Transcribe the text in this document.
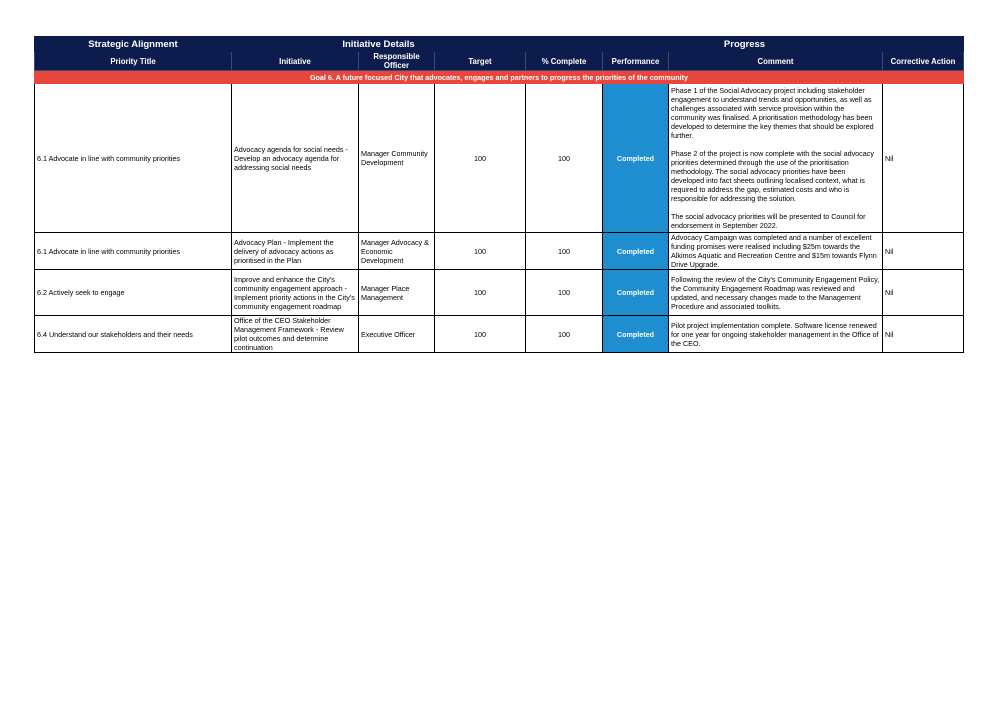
Strategic Alignment	Initiative Details			Progress			
Priority Title	Initiative	Responsible Officer	Target	% Complete	Performance	Comment	Corrective Action
Goal 6. A future focused City that advocates, engages and partners to progress the priorities of the community							
6.1 Advocate in line with community priorities	Advocacy agenda for social needs - Develop an advocacy agenda for addressing social needs	Manager Community Development	100	100	Completed	Phase 1 of the Social Advocacy project including stakeholder engagement to understand trends and opportunities, as well as challenges associated with service provision within the community was finalised. A prioritisation methodology has been developed to determine the key themes that should be explored further.

Phase 2 of the project is now complete with the social advocacy priorities determined through the use of the prioritisation methodology. The social advocacy priorities have been developed into fact sheets outlining localised context, what is required to address the gap, estimated costs and who is responsible for addressing the solution.

The social advocacy priorities will be presented to Council for endorsement in September 2022.	Nil
6.1 Advocate in line with community priorities	Advocacy Plan - Implement the delivery of advocacy actions as prioritised in the Plan	Manager Advocacy & Economic Development	100	100	Completed	Advocacy Campaign was completed and a number of excellent funding promises were realised including $25m towards the Alkimos Aquatic and Recreation Centre and $15m towards Flynn Drive Upgrade.	Nil
6.2 Actively seek to engage	Improve and enhance the City's community engagement approach - Implement priority actions in the City's community engagement roadmap	Manager Place Management	100	100	Completed	Following the review of the City's Community Engagement Policy, the Community Engagement Roadmap was reviewed and updated, and necessary changes made to the Management Procedure and associated toolkits.	Nil
6.4 Understand our stakeholders and their needs	Office of the CEO Stakeholder Management Framework - Review pilot outcomes and determine continuation	Executive Officer	100	100	Completed	Pilot project implementation complete. Software license renewed for one year for ongoing stakeholder management in the Office of the CEO.	Nil
